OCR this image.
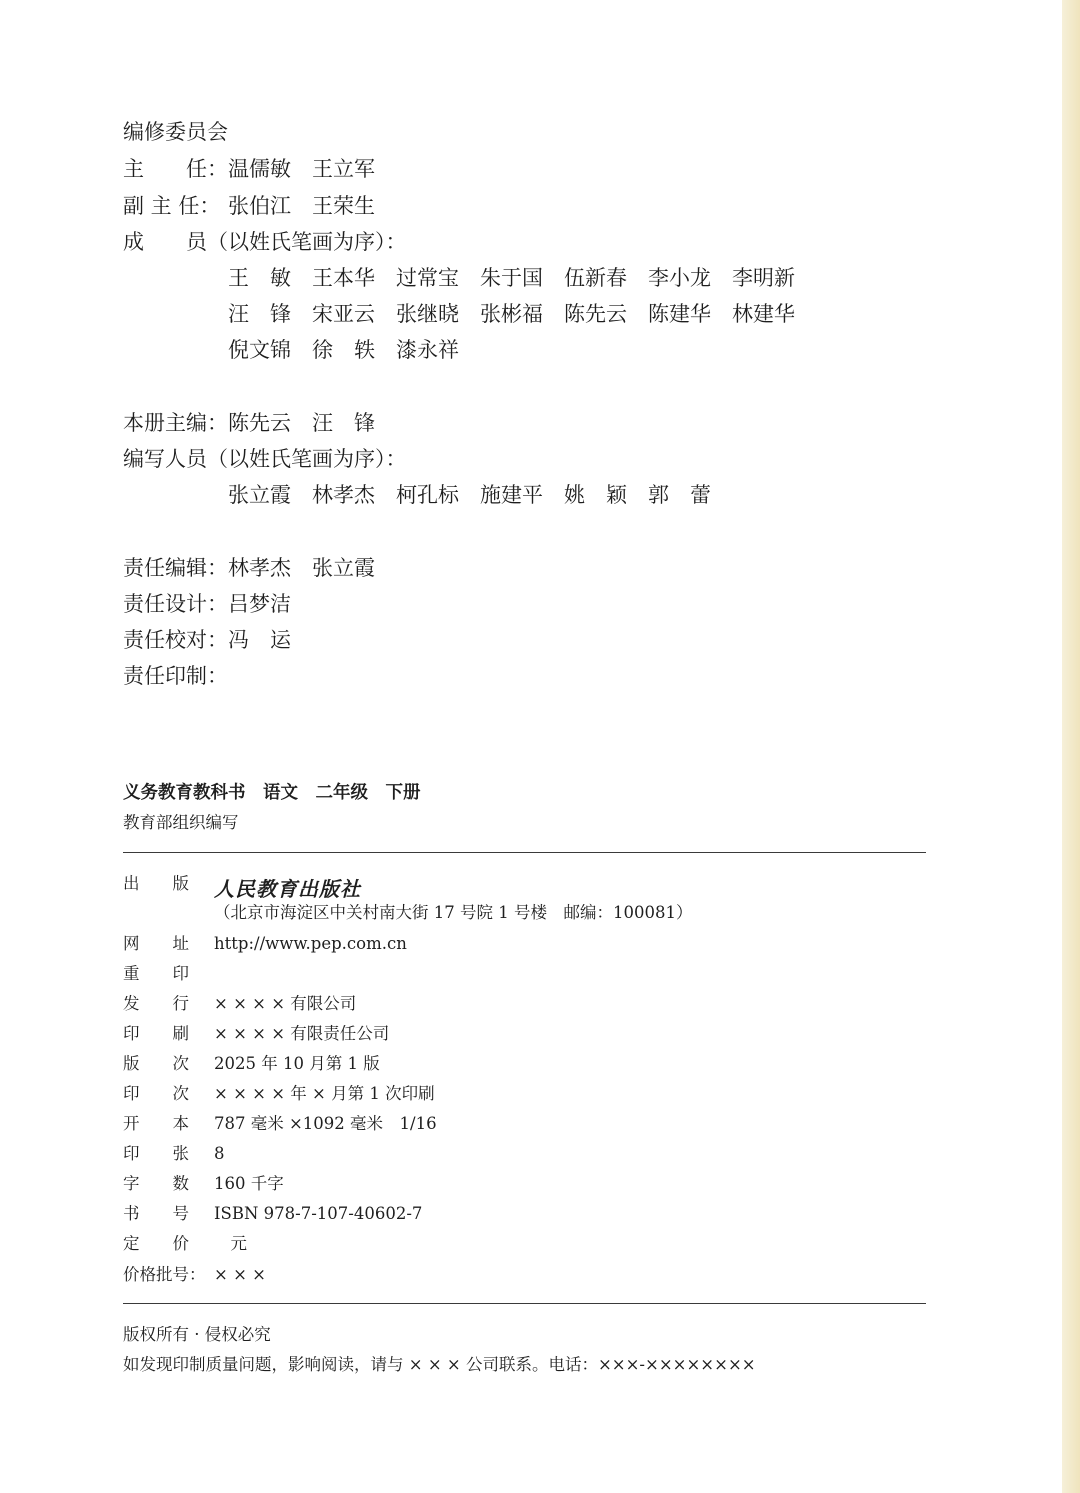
编修委员会
主　　任： 温儒敏　王立军
副 主 任： 张伯江　王荣生
成　　员（以姓氏笔画为序）：
王　敏 王本华 过常宝 朱于国 伍新春 李小龙 李明新
汪　锋 宋亚云 张继晓 张彬福 陈先云 陈建华 林建华
倪文锦 徐　轶 漆永祥
本册主编： 陈先云　汪　锋
编写人员（以姓氏笔画为序）：
张立霞 林孝杰 柯孔标 施建平 姚　颖 郭　蕾
责任编辑： 林孝杰　张立霞
责任设计： 吕梦洁
责任校对： 冯　运
责任印制：
义务教育教科书　语文　二年级　下册
教育部组织编写
出　　版 人民教育出版社
（北京市海淀区中关村南大街 17 号院 1 号楼　邮编：100081）
网　　址 http://www.pep.com.cn
重　　印
发　　行 × × × × 有限公司
印　　刷 × × × × 有限责任公司
版　　次 2025 年 10 月第 1 版
印　　次 × × × × 年 × 月第 1 次印刷
开　　本 787 毫米 ×1092 毫米　1/16
印　　张 8
字　　数 160 千字
书　　号 ISBN 978-7-107-40602-7
定　　价 　元
价格批号： × × ×
版权所有 · 侵权必究
如发现印制质量问题，影响阅读，请与 × × × 公司联系。电话：×××-××××××××
